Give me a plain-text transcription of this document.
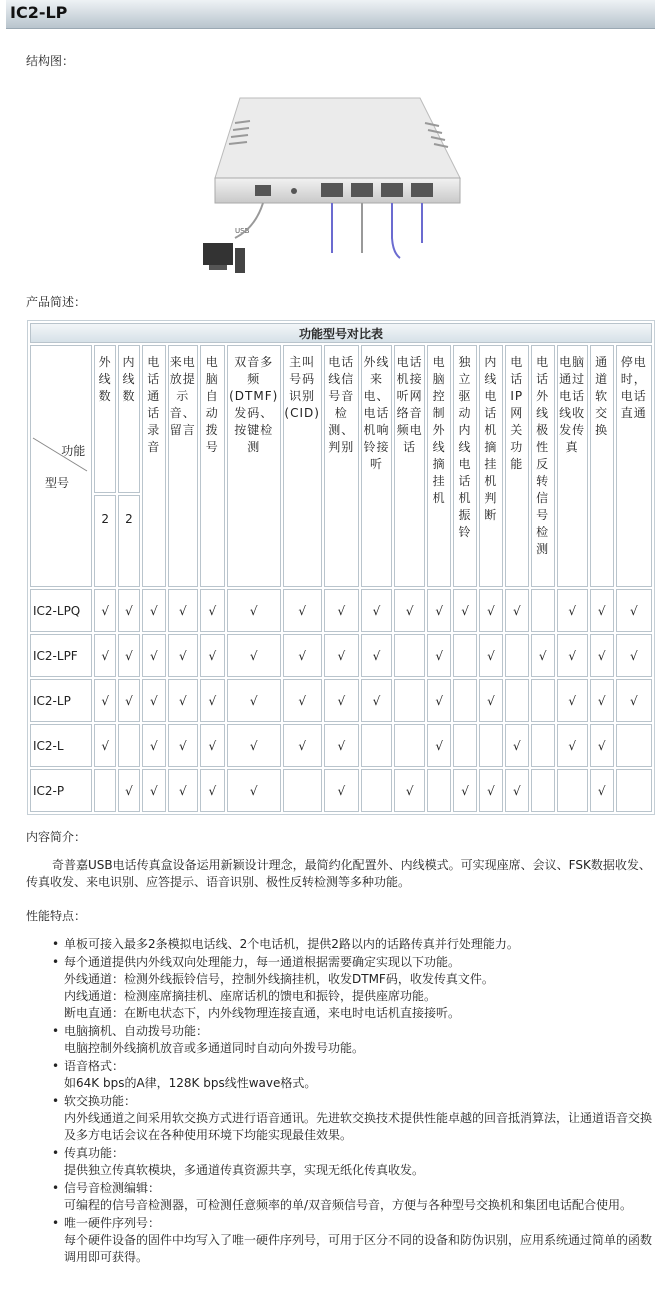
IC2-LP
结构图：
USB
产品简述：
功能型号对比表																		

功能
型号	外线数	内线数	电话通话录音	来电放提示音、留言	电脑自动拨号	双音多频(DTMF)发码、按键检测	主叫号码识别(CID)	电话线信号音检测、判别	外线来电、电话机响铃接听	电话机接听网络音频电话	电脑控制外线摘挂机	独立驱动内线电话机振铃	内线电话机摘挂机判断	电话IP网关功能	电话外线极性反转信号检测	电脑通过电话线收发传真	通道软交换	停电时，电话直通
	2	2																
IC2-LPQ	√	√	√	√	√	√	√	√	√	√	√	√	√	√		√	√	√
IC2-LPF	√	√	√	√	√	√	√	√	√		√		√		√	√	√	√
IC2-LP	√	√	√	√	√	√	√	√	√		√		√			√	√	√
IC2-L	√		√	√	√	√	√	√			√			√		√	√	
IC2-P		√	√	√	√	√		√		√		√	√	√			√	
内容简介：
奇普嘉USB电话传真盒设备运用新颖设计理念，最简约化配置外、内线模式。可实现座席、会议、FSK数据收发、传真收发、来电识别、应答提示、语音识别、极性反转检测等多种功能。
性能特点：
• 单板可接入最多2条模拟电话线、2个电话机，提供2路以内的话路传真并行处理能力。
• 每个通道提供内外线双向处理能力，每一通道根据需要确定实现以下功能。
外线通道：检测外线振铃信号，控制外线摘挂机，收发DTMF码，收发传真文件。
内线通道：检测座席摘挂机、座席话机的馈电和振铃，提供座席功能。
断电直通：在断电状态下，内外线物理连接直通，来电时电话机直接接听。
• 电脑摘机、自动拨号功能：
电脑控制外线摘机放音或多通道同时自动向外拨号功能。
• 语音格式：
如64K bps的A律，128K bps线性wave格式。
• 软交换功能：
内外线通道之间采用软交换方式进行语音通讯。先进软交换技术提供性能卓越的回音抵消算法，让通道语音交换及多方电话会议在各种使用环境下均能实现最佳效果。
• 传真功能：
提供独立传真软模块，多通道传真资源共享，实现无纸化传真收发。
• 信号音检测编辑：
可编程的信号音检测器，可检测任意频率的单/双音频信号音，方便与各种型号交换机和集团电话配合使用。
• 唯一硬件序列号：
每个硬件设备的固件中均写入了唯一硬件序列号，可用于区分不同的设备和防伪识别，应用系统通过简单的函数调用即可获得。
